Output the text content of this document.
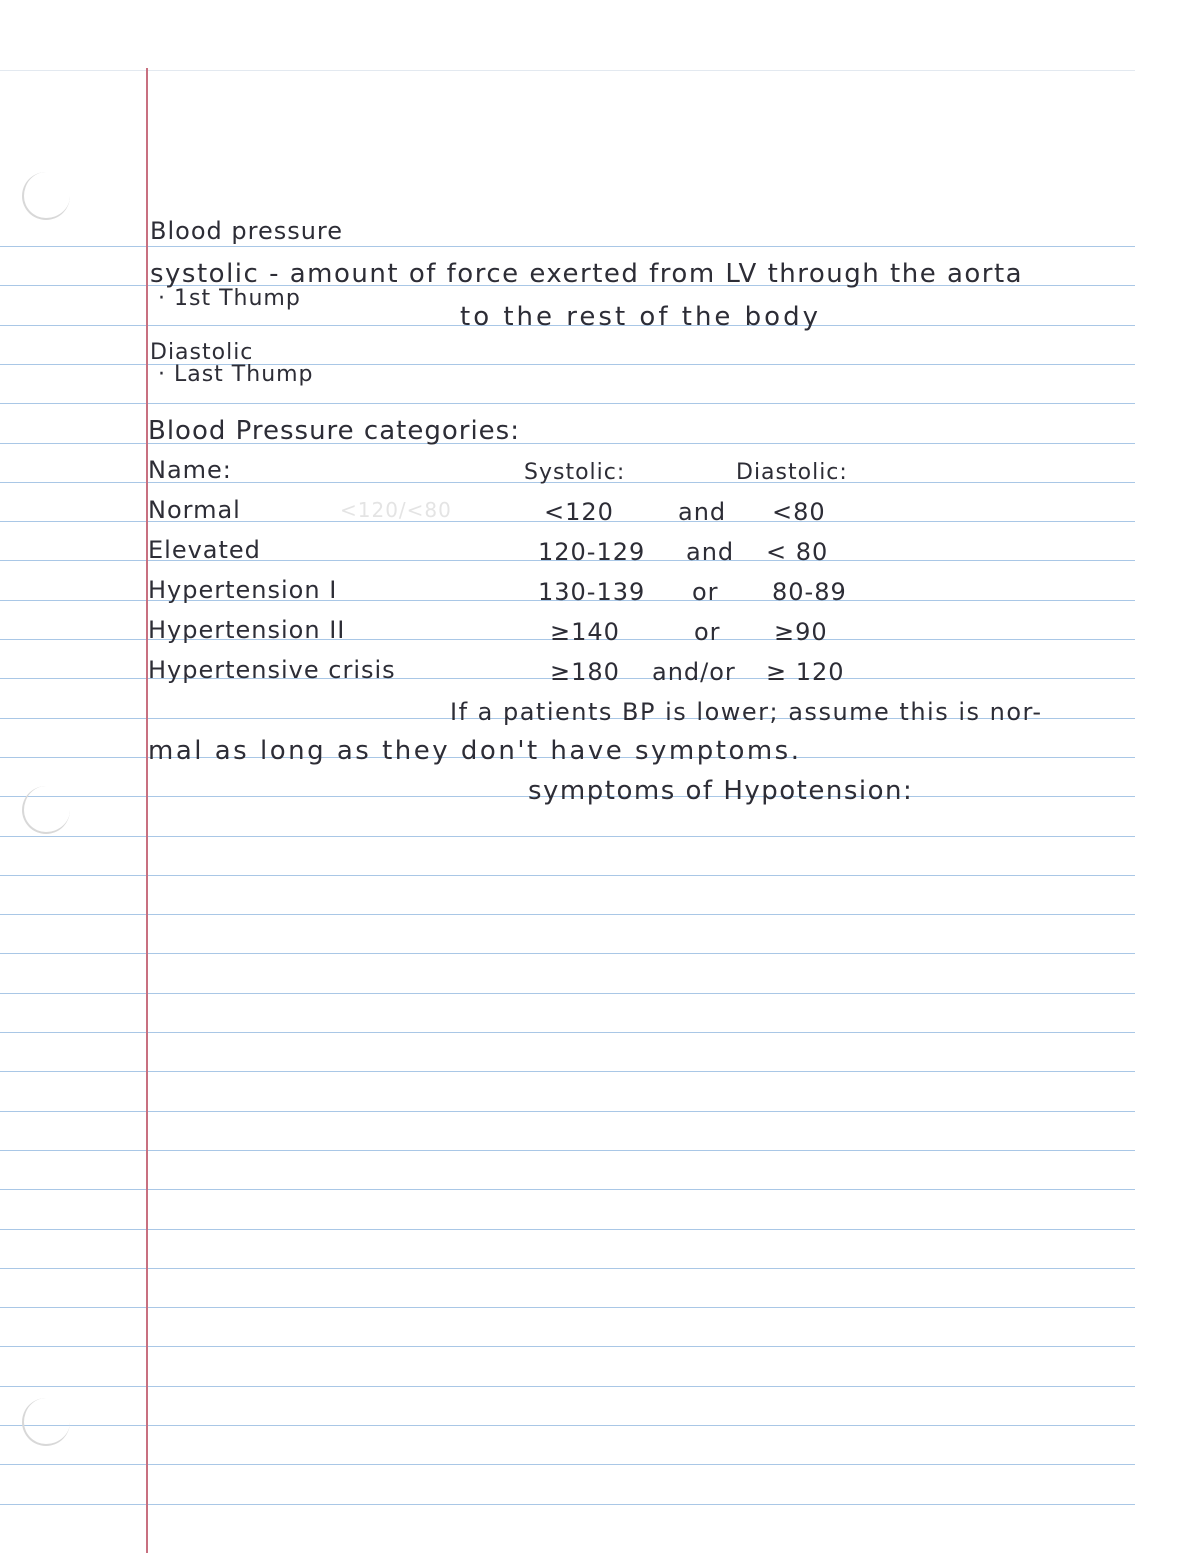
Blood pressure
systolic - amount of force exerted from LV through the aorta
· 1st Thump
to the rest of the body
Diastolic
· Last Thump
Blood Pressure categories:
Name:	Systolic:	Diastolic:
<120/<80
Normal	<120	and <80
Elevated	120-129 and < 80
Hypertension I	130-139 or 80-89
Hypertension II	≥140	or ≥90
Hypertensive crisis	≥180 and/or ≥ 120
If a patients BP is lower; assume this is nor-
mal as long as they don't have symptoms.
symptoms of Hypotension:
